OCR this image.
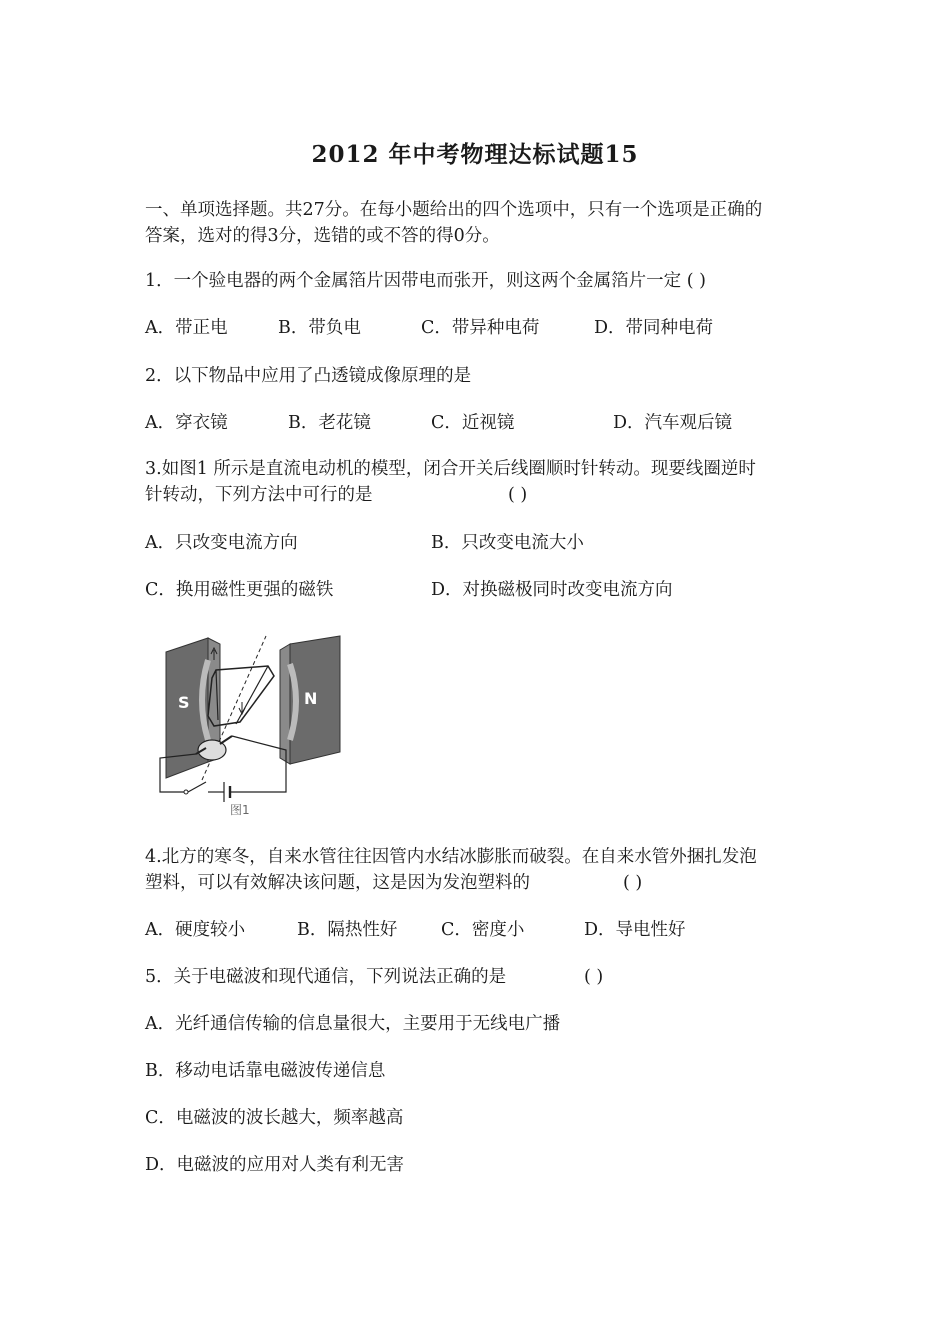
2012 年中考物理达标试题15
一、单项选择题。共27分。在每小题给出的四个选项中，只有一个选项是正确的
答案，选对的得3分，选错的或不答的得0分。
1．一个验电器的两个金属箔片因带电而张开，则这两个金属箔片一定 ( )
A．带正电	B．带负电	C．带异种电荷	D．带同种电荷
2．以下物品中应用了凸透镜成像原理的是
A．穿衣镜	B．老花镜	C．近视镜	D．汽车观后镜
3.如图1 所示是直流电动机的模型，闭合开关后线圈顺时针转动。现要线圈逆时
针转动，下列方法中可行的是	( )
A．只改变电流方向	B．只改变电流大小
C．换用磁性更强的磁铁	D．对换磁极同时改变电流方向
S	N
图1
4.北方的寒冬，自来水管往往因管内水结冰膨胀而破裂。在自来水管外捆扎发泡
塑料，可以有效解决该问题，这是因为发泡塑料的	( )
A．硬度较小	B．隔热性好 C．密度小	D．导电性好
5．关于电磁波和现代通信，下列说法正确的是	( )
A．光纤通信传输的信息量很大，主要用于无线电广播
B．移动电话靠电磁波传递信息
C．电磁波的波长越大，频率越高
D．电磁波的应用对人类有利无害
